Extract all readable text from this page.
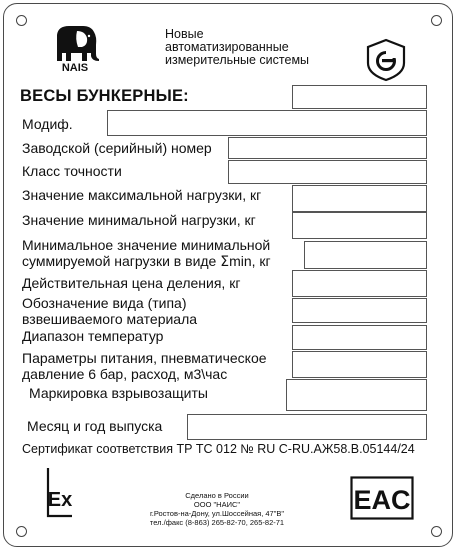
NAIS
Новые
автоматизированные
измерительные системы
ВЕСЫ БУНКЕРНЫЕ:
Модиф.
Заводской (серийный) номер
Класс точности
Значение максимальной нагрузки, кг
Значение минимальной нагрузки, кг
Минимальное значение минимальной
суммируемой нагрузки в виде Σmin, кг
Действительная цена деления, кг
Обозначение вида (типа)
взвешиваемого материала
Диапазон температур
Параметры питания, пневматическое
давление 6 бар, расход, м3\час
Маркировка взрывозащиты
Месяц и год выпуска
Сертификат соответствия ТР ТС 012 № RU С-RU.АЖ58.В.05144/24
Ex	Сделано в России
ООО "НАИС"
г.Ростов-на-Дону, ул.Шоссейная, 47"В"
тел./факс (8-863) 265-82-70, 265-82-71
EAC
